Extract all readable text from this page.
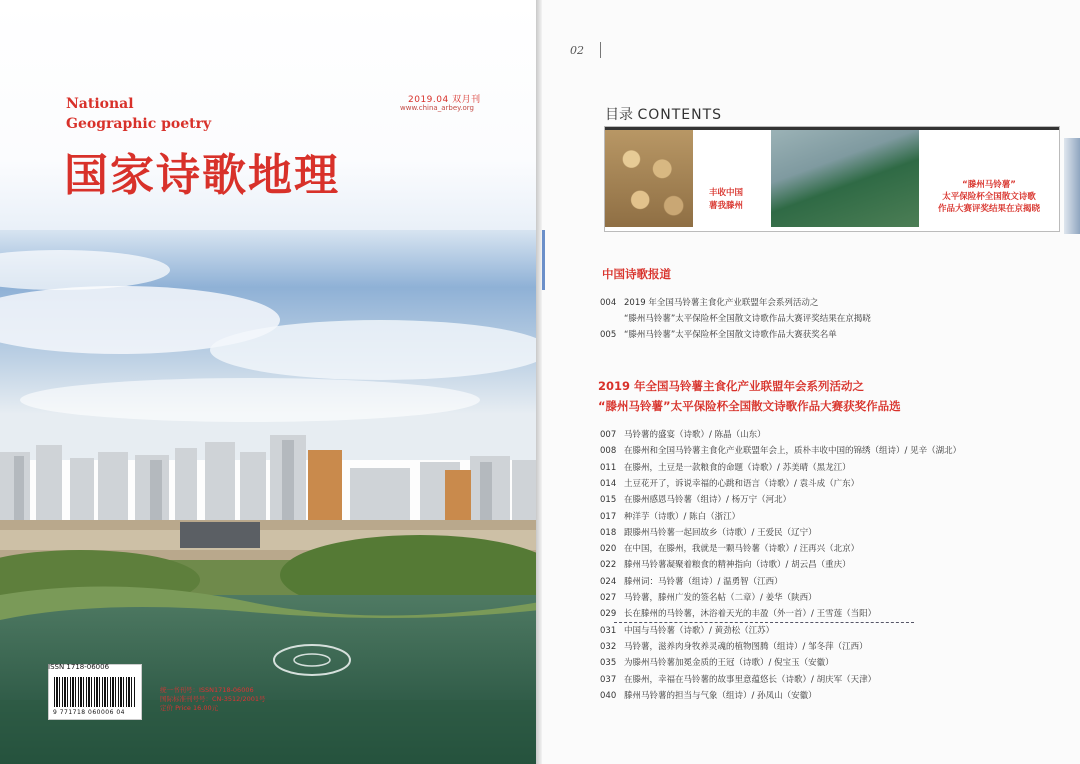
National
Geographic poetry
2019.04 双月刊
www.china_arbey.org
国家诗歌地理
9 771718 060006 04
ISSN 1718-06006
统一书刊号：ISSN1718-06006
国际标准刊号号：CN-3512/2001号
定价 Price 16.00元
02
目录 CONTENTS
丰收中国
薯我滕州
“滕州马铃薯”
太平保险杯全国散文诗歌
作品大赛评奖结果在京揭晓
中国诗歌报道
004 2019 年全国马铃薯主食化产业联盟年会系列活动之
“滕州马铃薯”太平保险杯全国散文诗歌作品大赛评奖结果在京揭晓
005 “滕州马铃薯”太平保险杯全国散文诗歌作品大赛获奖名单
2019 年全国马铃薯主食化产业联盟年会系列活动之
“滕州马铃薯”太平保险杯全国散文诗歌作品大赛获奖作品选
007 马铃薯的盛宴（诗歌）/ 陈晶（山东）
008 在滕州和全国马铃薯主食化产业联盟年会上，质朴丰收中国的锦绣（组诗）/ 见辛（湖北）
011 在滕州，土豆是一款粮食的命题（诗歌）/ 苏美晴（黑龙江）
014 土豆花开了，诉说幸福的心跳和语言（诗歌）/ 袁斗成（广东）
015 在滕州感恩马铃薯（组诗）/ 杨万宁（河北）
017 种洋芋（诗歌）/ 陈白（浙江）
018 跟滕州马铃薯一起回故乡（诗歌）/ 王爱民（辽宁）
020 在中国，在滕州，我就是一颗马铃薯（诗歌）/ 汪再兴（北京）
022 滕州马铃薯凝聚着粮食的精神指向（诗歌）/ 胡云昌（重庆）
024 滕州词：马铃薯（组诗）/ 温勇智（江西）
027 马铃薯，滕州广发的签名帖（二章）/ 姜华（陕西）
029 长在滕州的马铃薯，沐浴着天光的丰盈（外一首）/ 王雪莲（当阳）
031 中国与马铃薯（诗歌）/ 黄劲松（江苏）
032 马铃薯，滋养肉身牧养灵魂的植物图腾（组诗）/ 邹冬萍（江西）
035 为滕州马铃薯加冕金质的王冠（诗歌）/ 倪宝玉（安徽）
037 在滕州，幸福在马铃薯的故事里意蕴悠长（诗歌）/ 胡庆军（天津）
040 滕州马铃薯的担当与气象（组诗）/ 孙凤山（安徽）
